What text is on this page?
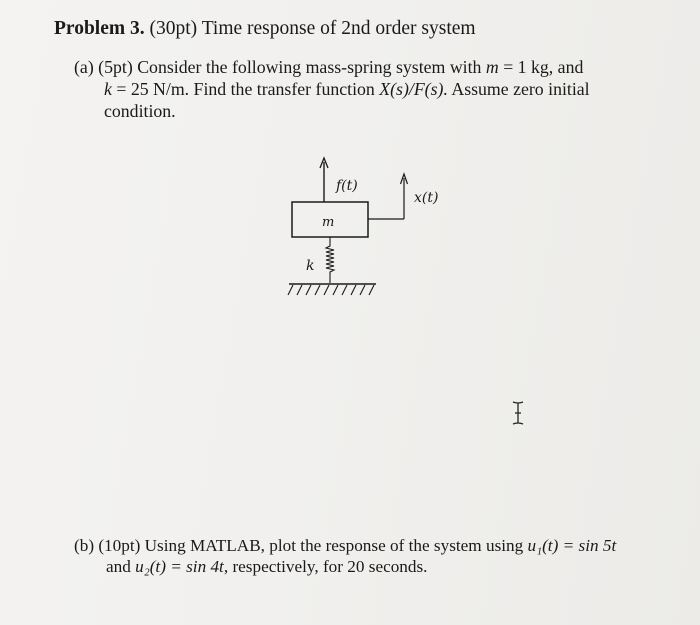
Problem 3. (30pt) Time response of 2nd order system
(a) (5pt) Consider the following mass-spring system with m = 1 kg, and
k = 25 N/m. Find the transfer function X(s)/F(s). Assume zero initial
condition.
f(t)
m
x(t)
k
(b) (10pt) Using MATLAB, plot the response of the system using u₁(t) = sin 5t
and u₂(t) = sin 4t, respectively, for 20 seconds.
